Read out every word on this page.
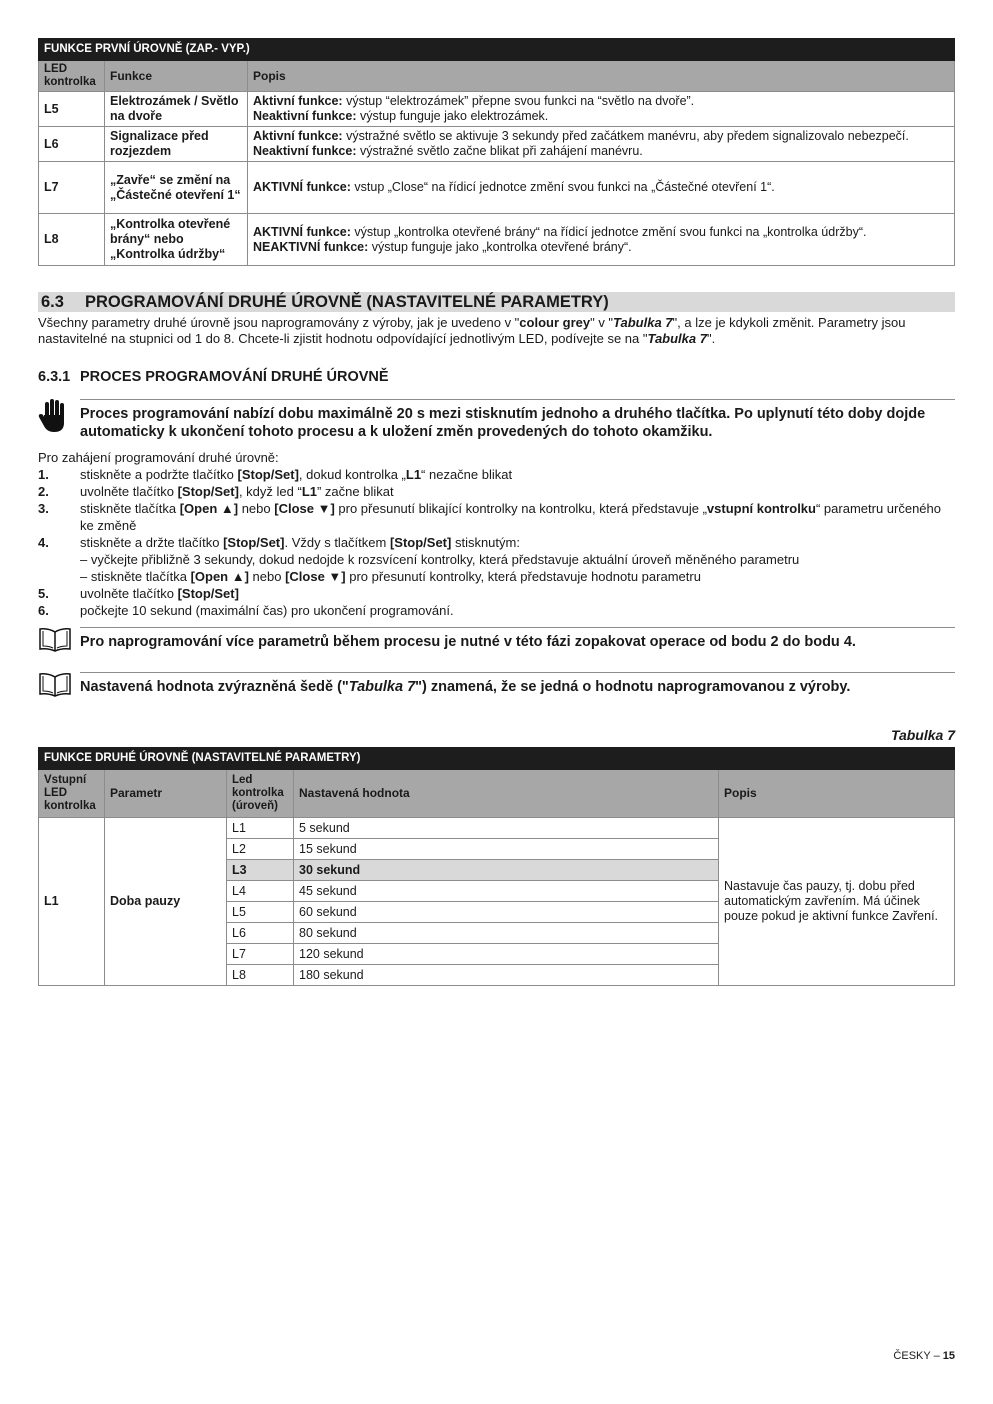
FUNKCE PRVNÍ ÚROVNĚ (ZAP.- VYP.)		
LED kontrolka	Funkce	Popis
L5	Elektrozámek / Světlo na dvoře	Aktivní funkce: výstup “elektrozámek” přepne svou funkci na “světlo na dvoře”.
Neaktivní funkce: výstup funguje jako elektrozámek.
L6	Signalizace před rozjezdem	Aktivní funkce: výstražné světlo se aktivuje 3 sekundy před začátkem manévru, aby předem signalizovalo nebezpečí.
Neaktivní funkce: výstražné světlo začne blikat při zahájení manévru.
L7	„Zavře“ se změní na „Částečné otevření 1“	AKTIVNÍ funkce: vstup „Close“ na řídicí jednotce změní svou funkci na „Částečné otevření 1“.
L8	„Kontrolka otevřené brány“ nebo „Kontrolka údržby“	AKTIVNÍ funkce: výstup „kontrolka otevřené brány“ na řídicí jednotce změní svou funkci na „kontrolka údržby“.
NEAKTIVNÍ funkce: výstup funguje jako „kontrolka otevřené brány“.
6.3 PROGRAMOVÁNÍ DRUHÉ ÚROVNĚ (NASTAVITELNÉ PARAMETRY)

Všechny parametry druhé úrovně jsou naprogramovány z výroby, jak je uvedeno v "colour grey" v "Tabulka 7", a lze je kdykoli změnit. Parametry jsou nastavitelné na stupnici od 1 do 8. Chcete-li zjistit hodnotu odpovídající jednotlivým LED, podívejte se na "Tabulka 7".

6.3.1 PROCES PROGRAMOVÁNÍ DRUHÉ ÚROVNĚ
Proces programování nabízí dobu maximálně 20 s mezi stisknutím jednoho a druhého tlačítka. Po uplynutí této doby dojde automaticky k ukončení tohoto procesu a k uložení změn provedených do tohoto okamžiku.
Pro zahájení programování druhé úrovně:
1.	stiskněte a podržte tlačítko [Stop/Set], dokud kontrolka „L1“ nezačne blikat
2.	uvolněte tlačítko [Stop/Set], když led “L1” začne blikat
3.	stiskněte tlačítka [Open ▲] nebo [Close ▼] pro přesunutí blikající kontrolky na kontrolku, která představuje „vstupní kontrolku“ parametru určeného ke změně
4.	stiskněte a držte tlačítko [Stop/Set]. Vždy s tlačítkem [Stop/Set] stisknutým:
– vyčkejte přibližně 3 sekundy, dokud nedojde k rozsvícení kontrolky, která představuje aktuální úroveň měněného parametru
– stiskněte tlačítka [Open ▲] nebo [Close ▼] pro přesunutí kontrolky, která představuje hodnotu parametru
5.	uvolněte tlačítko [Stop/Set]
6.	počkejte 10 sekund (maximální čas) pro ukončení programování.
Pro naprogramování více parametrů během procesu je nutné v této fázi zopakovat operace od bodu 2 do bodu 4.
Nastavená hodnota zvýrazněná šedě ("Tabulka 7") znamená, že se jedná o hodnotu naprogramovanou z výroby.
Tabulka 7
FUNKCE DRUHÉ ÚROVNĚ (NASTAVITELNÉ PARAMETRY)				
Vstupní LED kontrolka	Parametr	Led kontrolka (úroveň)	Nastavená hodnota	Popis
L1	Doba pauzy	L1	5 sekund	Nastavuje čas pauzy, tj. dobu před automatickým zavřením. Má účinek pouze pokud je aktivní funkce Zavření.
		L2	15 sekund	
		L3	30 sekund	
		L4	45 sekund	
		L5	60 sekund	
		L6	80 sekund	
		L7	120 sekund	
		L8	180 sekund	
ČESKY – 15
